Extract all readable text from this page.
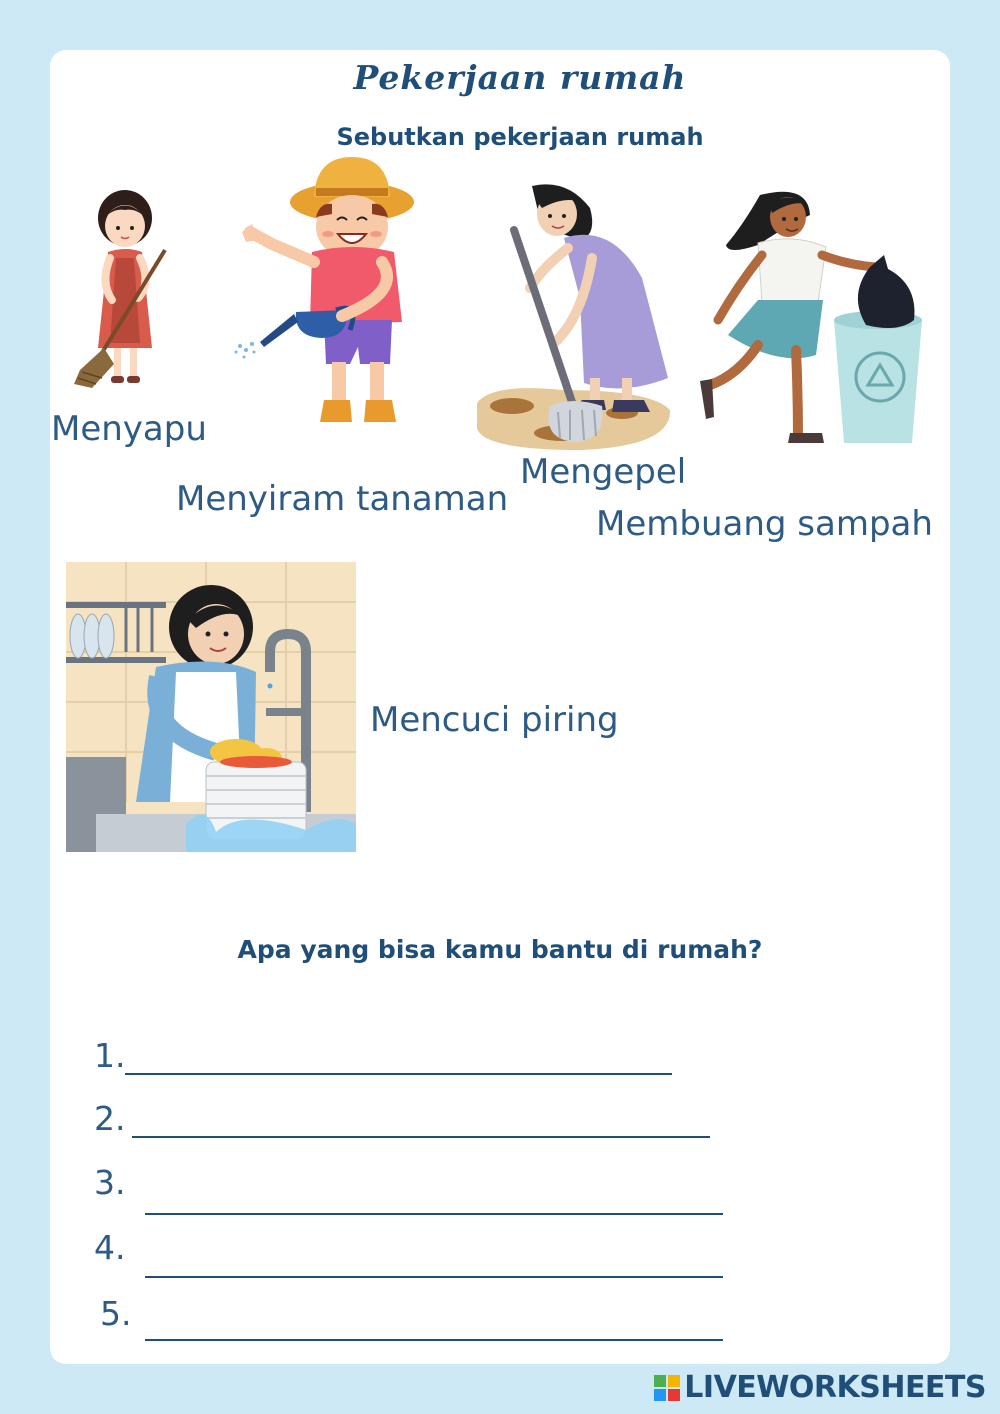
Pekerjaan rumah
Sebutkan pekerjaan rumah
Menyapu
Menyiram tanaman
Mengepel
Membuang sampah
Mencuci piring
Apa yang bisa kamu bantu di rumah?
1.
2.
3.
4.
5.
LIVEWORKSHEETS
